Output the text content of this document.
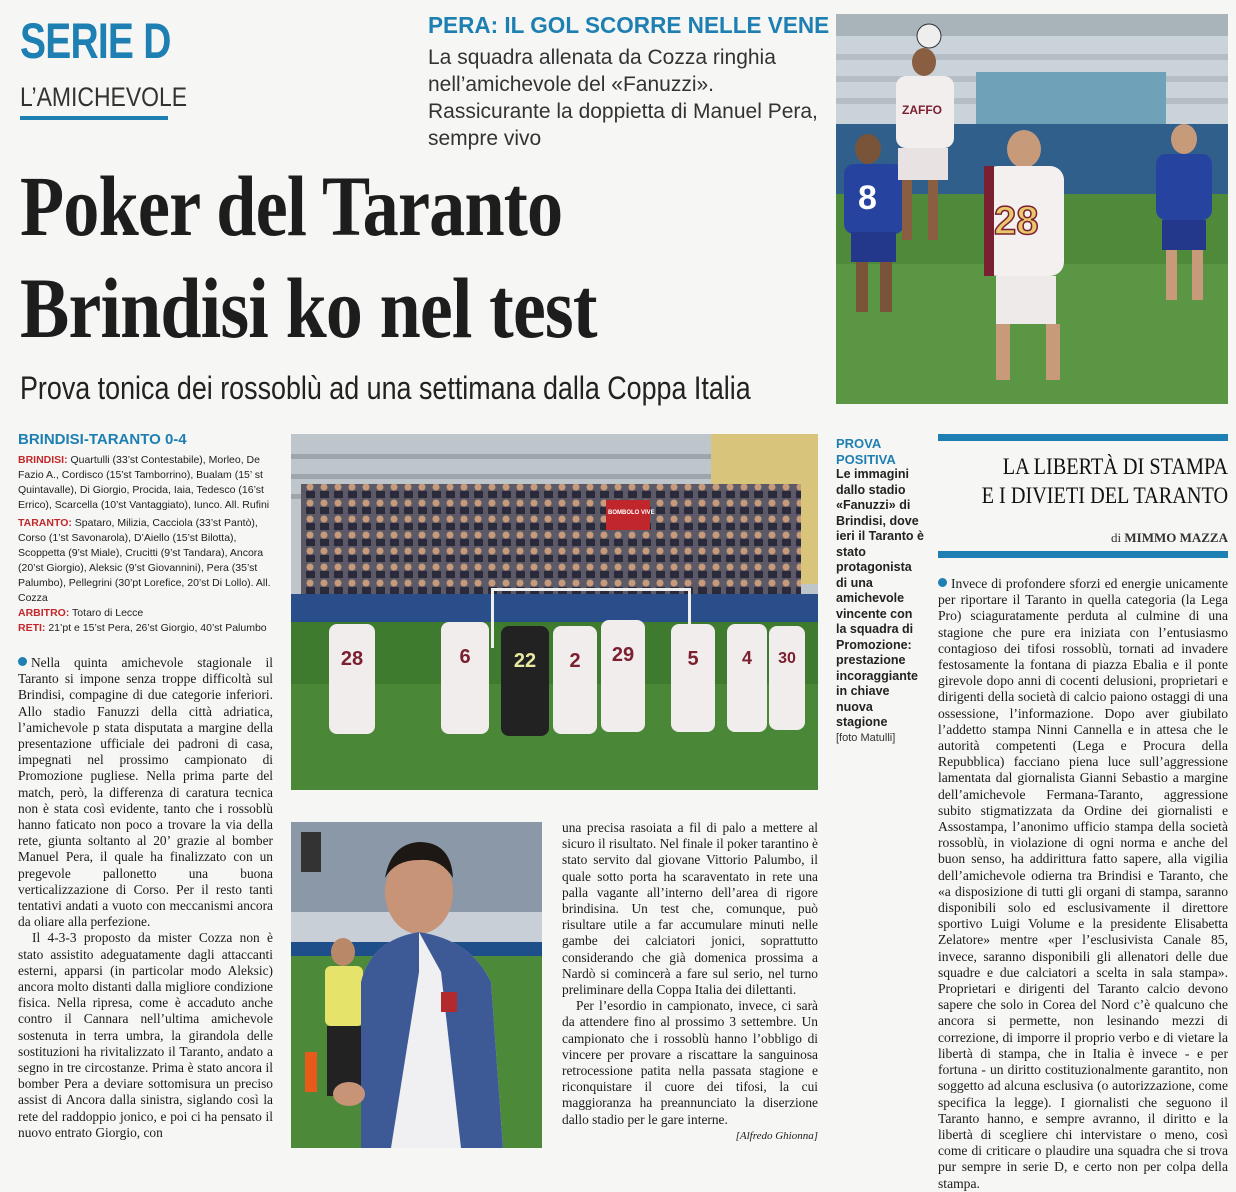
SERIE D
L’AMICHEVOLE
PERA: IL GOL SCORRE NELLE VENE
La squadra allenata da Cozza ringhia nell’amichevole del «Fanuzzi». Rassicurante la doppietta di Manuel Pera, sempre vivo
Poker del Taranto
Brindisi ko nel test
Prova tonica dei rossoblù ad una settimana dalla Coppa Italia
8
ZAFFO
28
BRINDISI-TARANTO 0-4
BRINDISI: Quartulli (33’st Contestabile), Morleo, De Fazio A., Cordisco (15’st Tamborrino), Bualam (15’ st Quintavalle), Di Giorgio, Procida, Iaia, Tedesco (16’st Errico), Scarcella (10’st Vantaggiato), Iunco. All. Rufini
TARANTO: Spataro, Milizia, Cacciola (33’st Pantò), Corso (1’st Savonarola), D’Aiello (15’st Bilotta), Scoppetta (9’st Miale), Crucitti (9’st Tandara), Ancora (20’st Giorgio), Aleksic (9’st Giovannini), Pera (35’st Palumbo), Pellegrini (30’pt Lorefice, 20’st Di Lollo). All. Cozza
ARBITRO: Totaro di Lecce
RETI: 21’pt e 15’st Pera, 26’st Giorgio, 40’st Palumbo
BOMBOLO VIVE
28	6	22	2	29	5	4	30
PROVA
POSITIVA
Le immagini dallo stadio «Fanuzzi» di Brindisi, dove ieri il Taranto è stato protagonista di una amichevole vincente con la squadra di Promozione: prestazione incoraggiante in chiave nuova stagione
[foto Matulli]
LA LIBERTÀ DI STAMPA
E I DIVIETI DEL TARANTO
di MIMMO MAZZA

Invece di profondere sforzi ed energie unicamente per riportare il Taranto in quella categoria (la Lega Pro) sciaguratamente perduta al culmine di una stagione che pure era iniziata con l’entusiasmo contagioso dei tifosi rossoblù, tornati ad invadere festosamente la fontana di piazza Ebalia e il ponte girevole dopo anni di cocenti delusioni, proprietari e dirigenti della società di calcio paiono ostaggi di una ossessione, l’informazione. Dopo aver giubilato l’addetto stampa Ninni Cannella e in attesa che le autorità competenti (Lega e Procura della Repubblica) facciano piena luce sull’aggressione lamentata dal giornalista Gianni Sebastio a margine dell’amichevole Fermana-Taranto, aggressione subito stigmatizzata da Ordine dei giornalisti e Assostampa, l’anonimo ufficio stampa della società rossoblù, in violazione di ogni norma e anche del buon senso, ha addirittura fatto sapere, alla vigilia dell’amichevole odierna tra Brindisi e Taranto, che «a disposizione di tutti gli organi di stampa, saranno disponibili solo ed esclusivamente il direttore sportivo Luigi Volume e la presidente Elisabetta Zelatore» mentre «per l’esclusivista Canale 85, invece, saranno disponibili gli allenatori delle due squadre e due calciatori a scelta in sala stampa». Proprietari e dirigenti del Taranto calcio devono sapere che solo in Corea del Nord c’è qualcuno che ancora si permette, non lesinando mezzi di correzione, di imporre il proprio verbo e di vietare la libertà di stampa, che in Italia è invece - e per fortuna - un diritto costituzionalmente garantito, non soggetto ad alcuna esclusiva (o autorizzazione, come specifica la legge). I giornalisti che seguono il Taranto hanno, e sempre avranno, il diritto e la libertà di scegliere chi intervistare o meno, così come di criticare o plaudire una squadra che si trova pur sempre in serie D, e certo non per colpa della stampa.

Nella quinta amichevole stagionale il Taranto si impone senza troppe difficoltà sul Brindisi, compagine di due categorie inferiori. Allo stadio Fanuzzi della città adriatica, l’amichevole p stata disputata a margine della presentazione ufficiale dei padroni di casa, impegnati nel prossimo campionato di Promozione pugliese. Nella prima parte del match, però, la differenza di caratura tecnica non è stata così evidente, tanto che i rossoblù hanno faticato non poco a trovare la via della rete, giunta soltanto al 20’ grazie al bomber Manuel Pera, il quale ha finalizzato con un pregevole pallonetto una buona verticalizzazione di Corso. Per il resto tanti tentativi andati a vuoto con meccanismi ancora da oliare alla perfezione.

Il 4-3-3 proposto da mister Cozza non è stato assistito adeguatamente dagli attaccanti esterni, apparsi (in particolar modo Aleksic) ancora molto distanti dalla migliore condizione fisica. Nella ripresa, come è accaduto anche contro il Cannara nell’ultima amichevole sostenuta in terra umbra, la girandola delle sostituzioni ha rivitalizzato il Taranto, andato a segno in tre circostanze. Prima è stato ancora il bomber Pera a deviare sottomisura un preciso assist di Ancora dalla sinistra, siglando così la rete del raddoppio jonico, e poi ci ha pensato il nuovo entrato Giorgio, con

una precisa rasoiata a fil di palo a mettere al sicuro il risultato. Nel finale il poker tarantino è stato servito dal giovane Vittorio Palumbo, il quale sotto porta ha scaraventato in rete una palla vagante all’interno dell’area di rigore brindisina. Un test che, comunque, può risultare utile a far accumulare minuti nelle gambe dei calciatori jonici, soprattutto considerando che già domenica prossima a Nardò si comincerà a fare sul serio, nel turno preliminare della Coppa Italia dei dilettanti.

Per l’esordio in campionato, invece, ci sarà da attendere fino al prossimo 3 settembre. Un campionato che i rossoblù hanno l’obbligo di vincere per provare a riscattare la sanguinosa retrocessione patita nella passata stagione e riconquistare il cuore dei tifosi, la cui maggioranza ha preannunciato la diserzione dallo stadio per le gare interne.

[Alfredo Ghionna]
